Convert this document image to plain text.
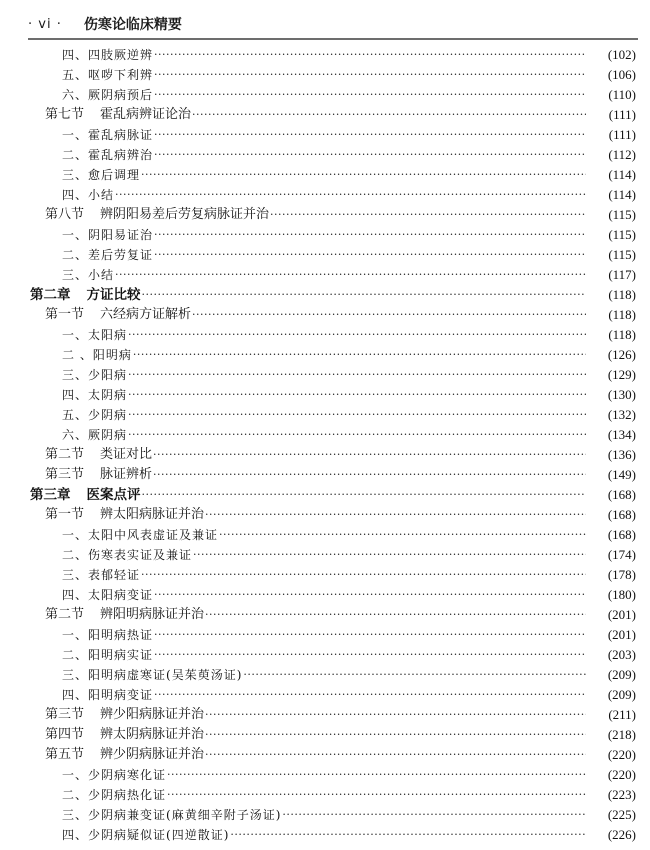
· vi · 伤寒论临床精要
四、四肢厥逆辨 ·····	(102)
五、呕哕下利辨 ·····	(106)
六、厥阴病预后 ·····	(110)
第七节 霍乱病辨证论治 ·····	(111)
一、霍乱病脉证 ·····	(111)
二、霍乱病辨治 ·····	(112)
三、愈后调理 ·····	(114)
四、小结 ·····	(114)
第八节 辨阴阳易差后劳复病脉证并治 ·····	(115)
一、阴阳易证治 ·····	(115)
二、差后劳复证 ·····	(115)
三、小结 ·····	(117)
第二章 方证比较 ·····	(118)
第一节 六经病方证解析 ·····	(118)
一、太阳病 ·····	(118)
二 、阳明病 ·····	(126)
三、少阳病 ·····	(129)
四、太阴病 ·····	(130)
五、少阴病 ·····	(132)
六、厥阴病 ·····	(134)
第二节 类证对比 ·····	(136)
第三节 脉证辨析 ·····	(149)
第三章 医案点评 ·····	(168)
第一节 辨太阳病脉证并治 ·····	(168)
一、太阳中风表虚证及兼证 ·····	(168)
二、伤寒表实证及兼证 ·····	(174)
三、表郁轻证 ·····	(178)
四、太阳病变证 ·····	(180)
第二节 辨阳明病脉证并治 ·····	(201)
一、阳明病热证 ·····	(201)
二、阳明病实证 ·····	(203)
三、阳明病虚寒证(吴茱萸汤证) ·····	(209)
四、阳明病变证 ·····	(209)
第三节 辨少阳病脉证并治 ·····	(211)
第四节 辨太阴病脉证并治 ·····	(218)
第五节 辨少阴病脉证并治 ·····	(220)
一、少阴病寒化证 ·····	(220)
二、少阴病热化证 ·····	(223)
三、少阴病兼变证(麻黄细辛附子汤证) ·····	(225)
四、少阴病疑似证(四逆散证) ·····	(226)
